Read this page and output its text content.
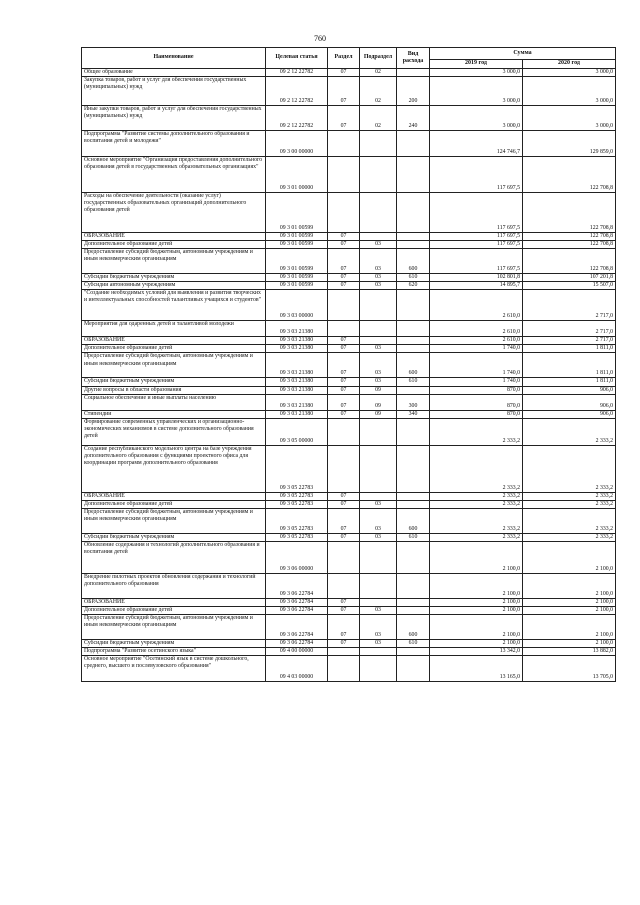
760
Наименование	Целевая статья	Раздел	Подраздел	Вид расхода	Сумма	
					2019 год	2020 год
Общее образование	09 2 12 22782	07	02		3 000,0	3 000,0
Закупка товаров, работ и услуг для обеспечения государственных (муниципальных) нужд	09 2 12 22782	07	02	200	3 000,0	3 000,0
Иные закупки товаров, работ и услуг для обеспечения государственных (муниципальных) нужд	09 2 12 22782	07	02	240	3 000,0	3 000,0
Подпрограмма "Развитие системы дополнительного образования и воспитания детей и молодежи"	09 3 00 00000				124 746,7	129 859,0
Основное мероприятие "Организация предоставления дополнительного образования детей в государственных образовательных организациях"	09 3 01 00000				117 697,5	122 708,8
Расходы на обеспечение деятельности (оказание услуг) государственных образовательных организаций дополнительного образования детей	09 3 01 00599				117 697,5	122 708,8
ОБРАЗОВАНИЕ	09 3 01 00599	07			117 697,5	122 708,8
Дополнительное образование детей	09 3 01 00599	07	03		117 697,5	122 708,8
Предоставление субсидий бюджетным, автономным учреждениям и иным некоммерческим организациям	09 3 01 00599	07	03	600	117 697,5	122 708,8
Субсидии бюджетным учреждениям	09 3 01 00599	07	03	610	102 801,8	107 201,8
Субсидии автономным учреждениям	09 3 01 00599	07	03	620	14 895,7	15 507,0
"Создание необходимых условий для выявления и развития творческих и интеллектуальных способностей талантливых учащихся и студентов"	09 3 03 00000				2 610,0	2 717,0
Мероприятия для одаренных детей и талантливой молодежи	09 3 03 21380				2 610,0	2 717,0
ОБРАЗОВАНИЕ	09 3 03 21380	07			2 610,0	2 717,0
Дополнительное образование детей	09 3 03 21380	07	03		1 740,0	1 811,0
Предоставление субсидий бюджетным, автономным учреждениям и иным некоммерческим организациям	09 3 03 21380	07	03	600	1 740,0	1 811,0
Субсидии бюджетным учреждениям	09 3 03 21380	07	03	610	1 740,0	1 811,0
Другие вопросы в области образования	09 3 03 21380	07	09		870,0	906,0
Социальное обеспечение и иные выплаты населению	09 3 03 21380	07	09	300	870,0	906,0
Стипендии	09 3 03 21380	07	09	340	870,0	906,0
Формирование современных управленческих и организационно-экономических механизмов в системе дополнительного образования детей	09 3 05 00000				2 333,2	2 333,2
Создание республиканского модельного центра на базе учреждения дополнительного образования с функциями проектного офиса для координации программ дополнительного образования	09 3 05 22783				2 333,2	2 333,2
ОБРАЗОВАНИЕ	09 3 05 22783	07			2 333,2	2 333,2
Дополнительное образование детей	09 3 05 22783	07	03		2 333,2	2 333,2
Предоставление субсидий бюджетным, автономным учреждениям и иным некоммерческим организациям	09 3 05 22783	07	03	600	2 333,2	2 333,2
Субсидии бюджетным учреждениям	09 3 05 22783	07	03	610	2 333,2	2 333,2
Обновление содержания и технологий дополнительного образования и воспитания детей	09 3 06 00000				2 100,0	2 100,0
Внедрение пилотных проектов обновления содержания и технологий дополнительного образования	09 3 06 22784				2 100,0	2 100,0
ОБРАЗОВАНИЕ	09 3 06 22784	07			2 100,0	2 100,0
Дополнительное образование детей	09 3 06 22784	07	03		2 100,0	2 100,0
Предоставление субсидий бюджетным, автономным учреждениям и иным некоммерческим организациям	09 3 06 22784	07	03	600	2 100,0	2 100,0
Субсидии бюджетным учреждениям	09 3 06 22784	07	03	610	2 100,0	2 100,0
Подпрограмма "Развитие осетинского языка"	09 4 00 00000				13 342,0	13 882,0
Основное мероприятие "Осетинский язык в системе дошкольного, среднего, высшего и послевузовского образования"	09 4 03 00000				13 165,0	13 705,0
